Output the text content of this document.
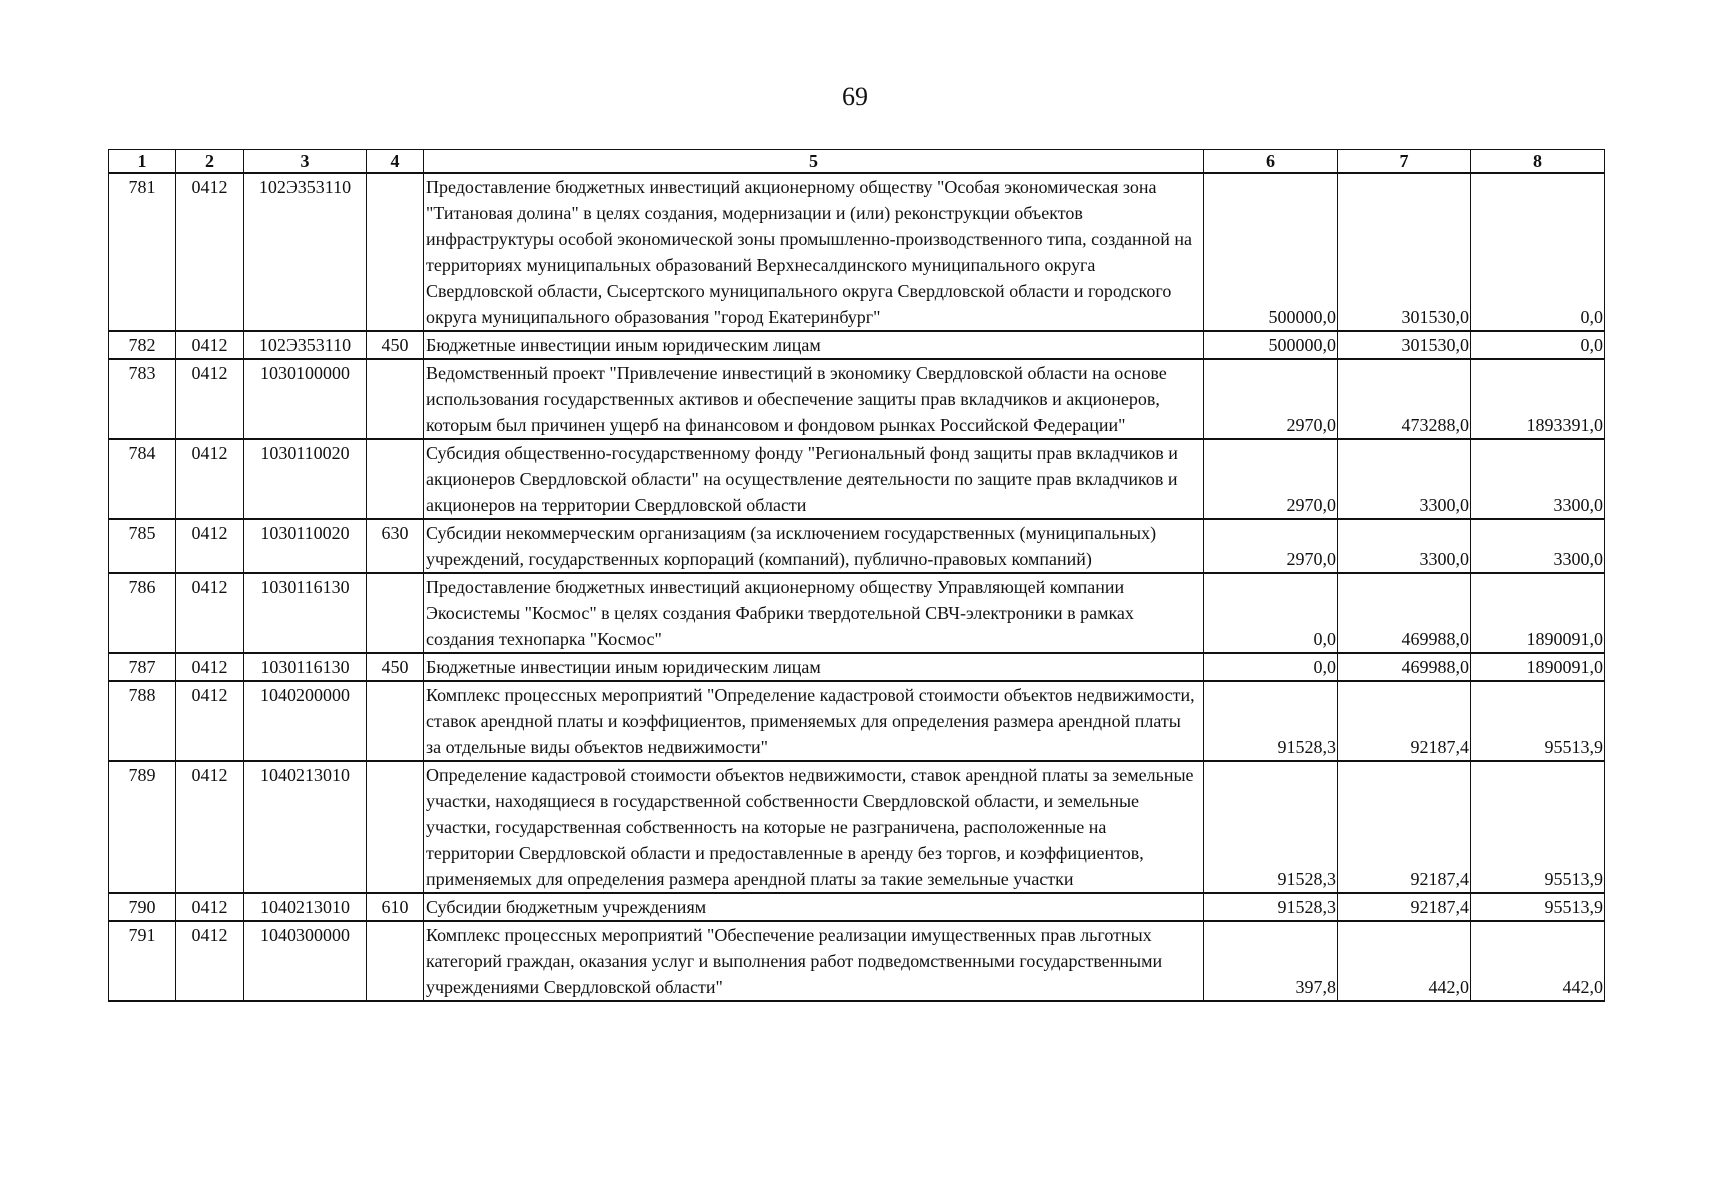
69
1	2	3	4	5	6	7	8
781	0412	102Э353110		Предоставление бюджетных инвестиций акционерному обществу "Особая экономическая зона "Титановая долина" в целях создания, модернизации и (или) реконструкции объектов инфраструктуры особой экономической зоны промышленно-производственного типа, созданной на территориях муниципальных образований Верхнесалдинского муниципального округа Свердловской области, Сысертского муниципального округа Свердловской области и городского округа муниципального образования "город Екатеринбург"	500000,0	301530,0	0,0
782	0412	102Э353110	450	Бюджетные инвестиции иным юридическим лицам	500000,0	301530,0	0,0
783	0412	1030100000		Ведомственный проект "Привлечение инвестиций в экономику Свердловской области на основе использования государственных активов и обеспечение защиты прав вкладчиков и акционеров, которым был причинен ущерб на финансовом и фондовом рынках Российской Федерации"	2970,0	473288,0	1893391,0
784	0412	1030110020		Субсидия общественно-государственному фонду "Региональный фонд защиты прав вкладчиков и акционеров Свердловской области" на осуществление деятельности по защите прав вкладчиков и акционеров на территории Свердловской области	2970,0	3300,0	3300,0
785	0412	1030110020	630	Субсидии некоммерческим организациям (за исключением государственных (муниципальных) учреждений, государственных корпораций (компаний), публично-правовых компаний)	2970,0	3300,0	3300,0
786	0412	1030116130		Предоставление бюджетных инвестиций акционерному обществу Управляющей компании Экосистемы "Космос" в целях создания Фабрики твердотельной СВЧ-электроники в рамках создания технопарка "Космос"	0,0	469988,0	1890091,0
787	0412	1030116130	450	Бюджетные инвестиции иным юридическим лицам	0,0	469988,0	1890091,0
788	0412	1040200000		Комплекс процессных мероприятий "Определение кадастровой стоимости объектов недвижимости, ставок арендной платы и коэффициентов, применяемых для определения размера арендной платы за отдельные виды объектов недвижимости"	91528,3	92187,4	95513,9
789	0412	1040213010		Определение кадастровой стоимости объектов недвижимости, ставок арендной платы за земельные участки, находящиеся в государственной собственности Свердловской области, и земельные участки, государственная собственность на которые не разграничена, расположенные на территории Свердловской области и предоставленные в аренду без торгов, и коэффициентов, применяемых для определения размера арендной платы за такие земельные участки	91528,3	92187,4	95513,9
790	0412	1040213010	610	Субсидии бюджетным учреждениям	91528,3	92187,4	95513,9
791	0412	1040300000		Комплекс процессных мероприятий "Обеспечение реализации имущественных прав льготных категорий граждан, оказания услуг и выполнения работ подведомственными государственными учреждениями Свердловской области"	397,8	442,0	442,0
